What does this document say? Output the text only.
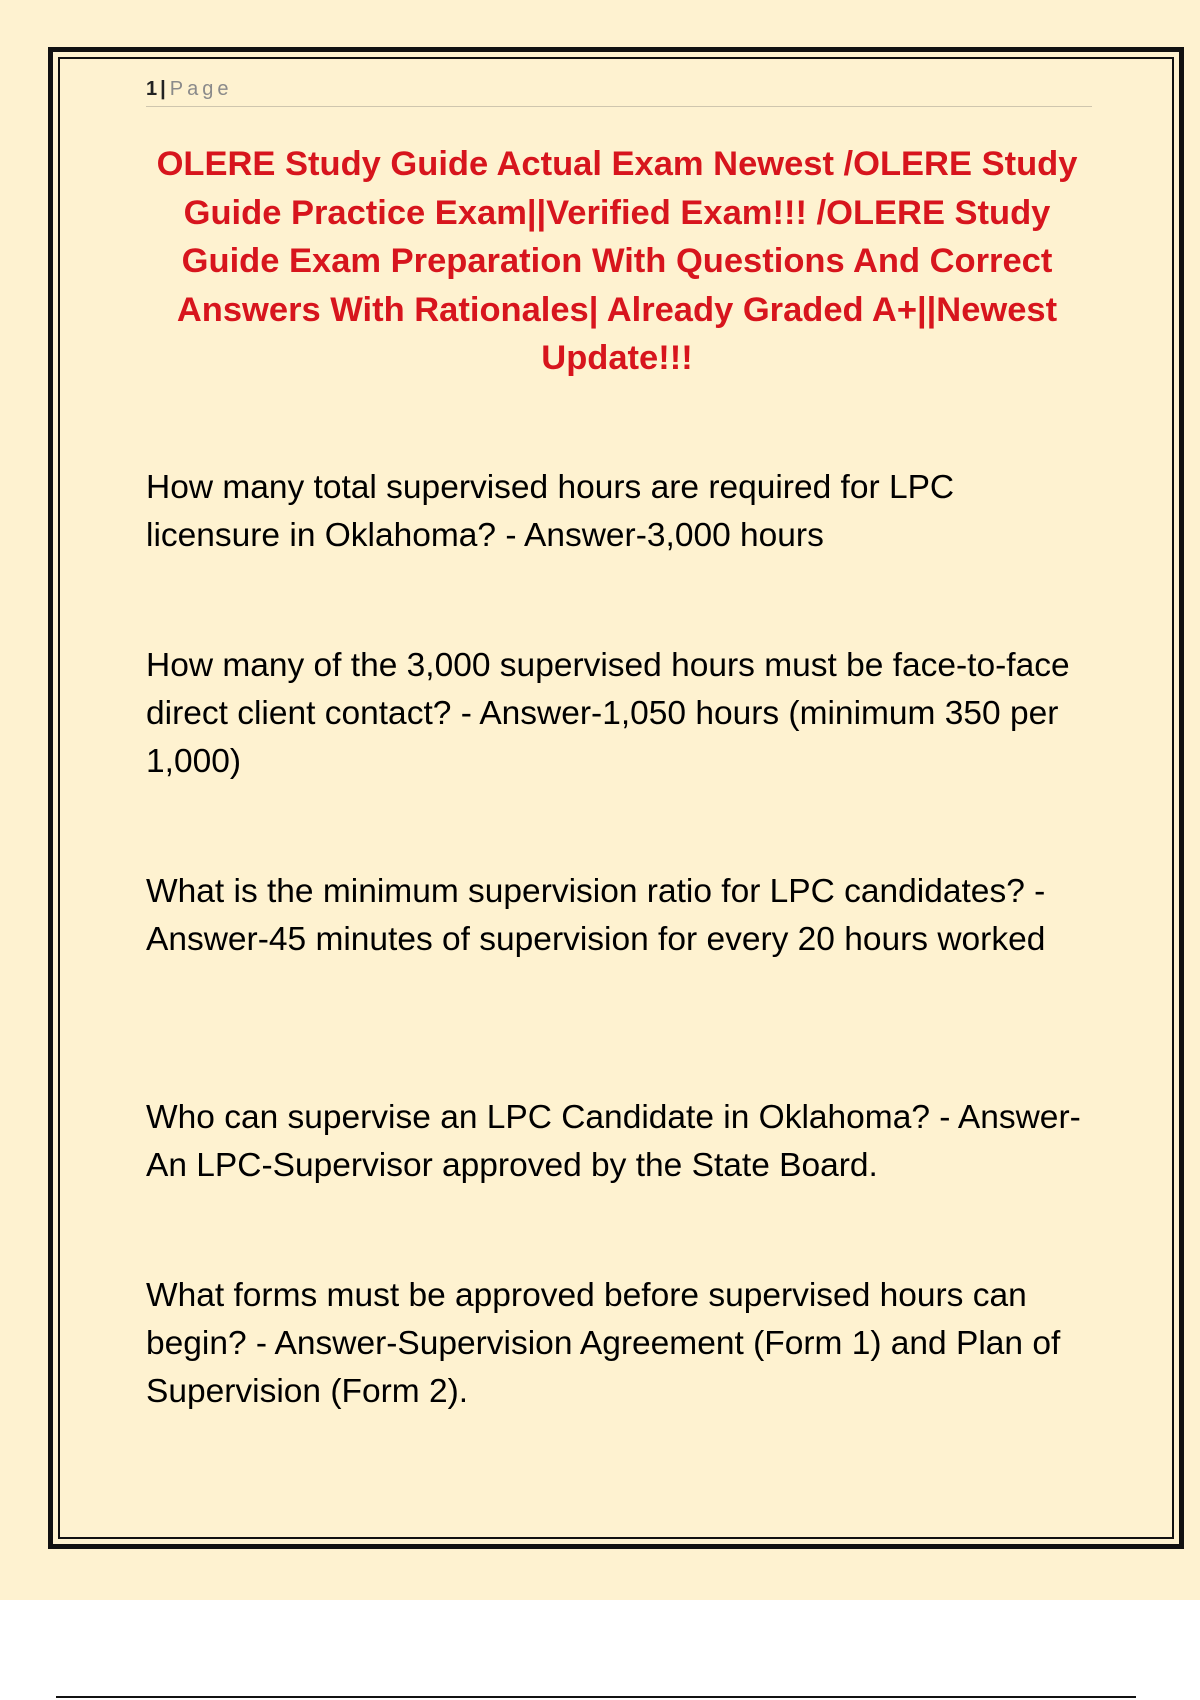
1 | Page
OLERE Study Guide Actual Exam Newest /OLERE Study Guide Practice Exam||Verified Exam!!! /OLERE Study Guide Exam Preparation With Questions And Correct Answers With Rationales| Already Graded A+||Newest Update!!!

How many total supervised hours are required for LPC licensure in Oklahoma? - Answer-3,000 hours

How many of the 3,000 supervised hours must be face-to-face direct client contact? - Answer-1,050 hours (minimum 350 per 1,000)

What is the minimum supervision ratio for LPC candidates? - Answer-45 minutes of supervision for every 20 hours worked

Who can supervise an LPC Candidate in Oklahoma? - Answer-An LPC-Supervisor approved by the State Board.

What forms must be approved before supervised hours can begin? - Answer-Supervision Agreement (Form 1) and Plan of Supervision (Form 2).
